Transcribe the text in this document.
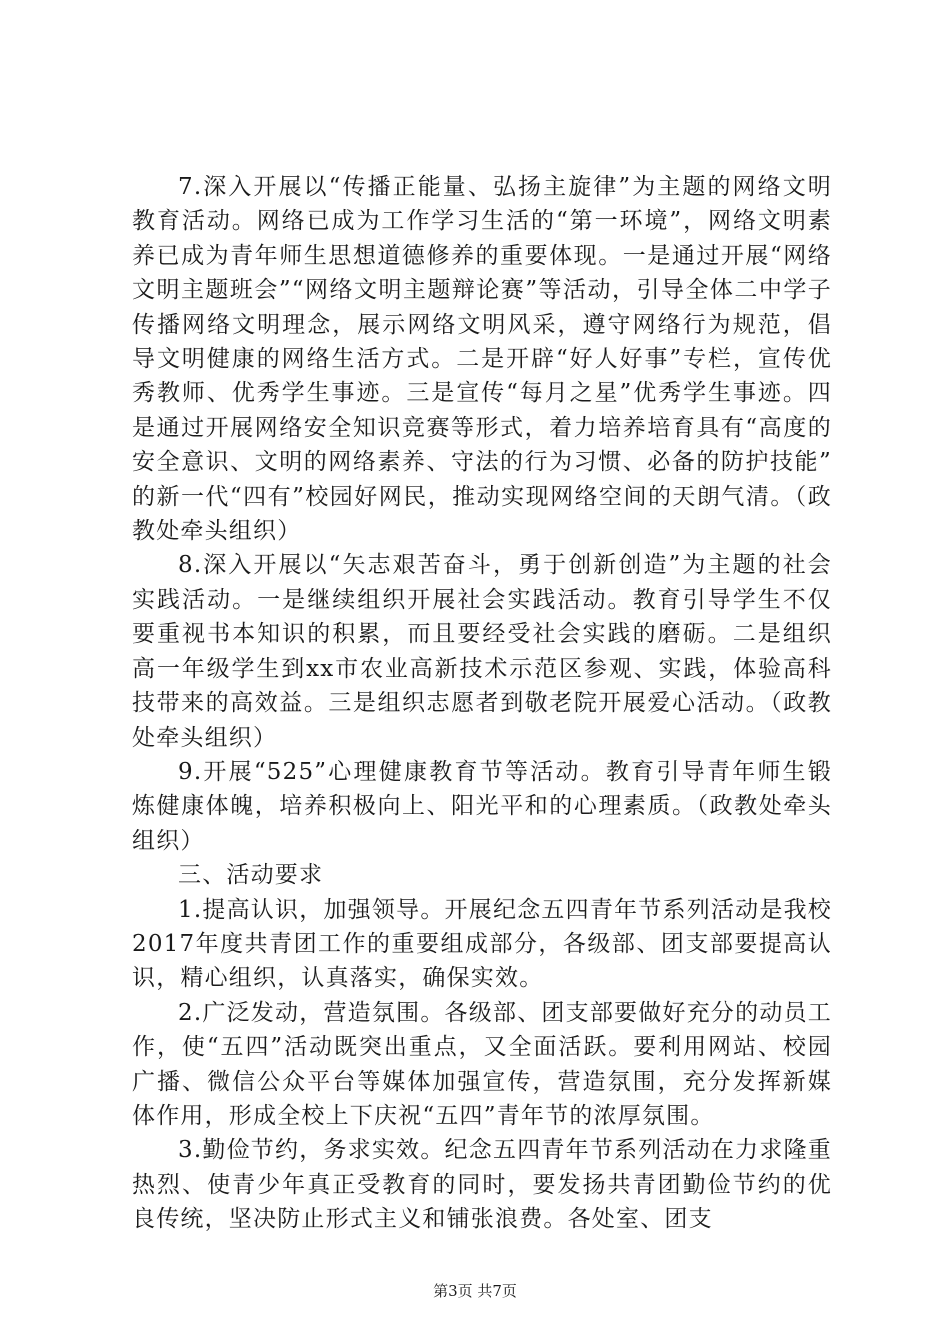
7.深入开展以“传播正能量、弘扬主旋律”为主题的网络文明教育活动。网络已成为工作学习生活的“第一环境”，网络文明素养已成为青年师生思想道德修养的重要体现。一是通过开展“网络文明主题班会”“网络文明主题辩论赛”等活动，引导全体二中学子传播网络文明理念，展示网络文明风采，遵守网络行为规范，倡导文明健康的网络生活方式。二是开辟“好人好事”专栏，宣传优秀教师、优秀学生事迹。三是宣传“每月之星”优秀学生事迹。四是通过开展网络安全知识竞赛等形式，着力培养培育具有“高度的安全意识、文明的网络素养、守法的行为习惯、必备的防护技能”的新一代“四有”校园好网民，推动实现网络空间的天朗气清。（政教处牵头组织）

8.深入开展以“矢志艰苦奋斗，勇于创新创造”为主题的社会实践活动。一是继续组织开展社会实践活动。教育引导学生不仅要重视书本知识的积累，而且要经受社会实践的磨砺。二是组织高一年级学生到xx市农业高新技术示范区参观、实践，体验高科技带来的高效益。三是组织志愿者到敬老院开展爱心活动。（政教处牵头组织）

9.开展“525”心理健康教育节等活动。教育引导青年师生锻炼健康体魄，培养积极向上、阳光平和的心理素质。（政教处牵头组织）

三、活动要求

1.提高认识，加强领导。开展纪念五四青年节系列活动是我校2017年度共青团工作的重要组成部分，各级部、团支部要提高认识，精心组织，认真落实，确保实效。

2.广泛发动，营造氛围。各级部、团支部要做好充分的动员工作，使“五四”活动既突出重点，又全面活跃。要利用网站、校园广播、微信公众平台等媒体加强宣传，营造氛围，充分发挥新媒体作用，形成全校上下庆祝“五四”青年节的浓厚氛围。

3.勤俭节约，务求实效。纪念五四青年节系列活动在力求隆重热烈、使青少年真正受教育的同时，要发扬共青团勤俭节约的优良传统，坚决防止形式主义和铺张浪费。各处室、团支

第3页 共7页
